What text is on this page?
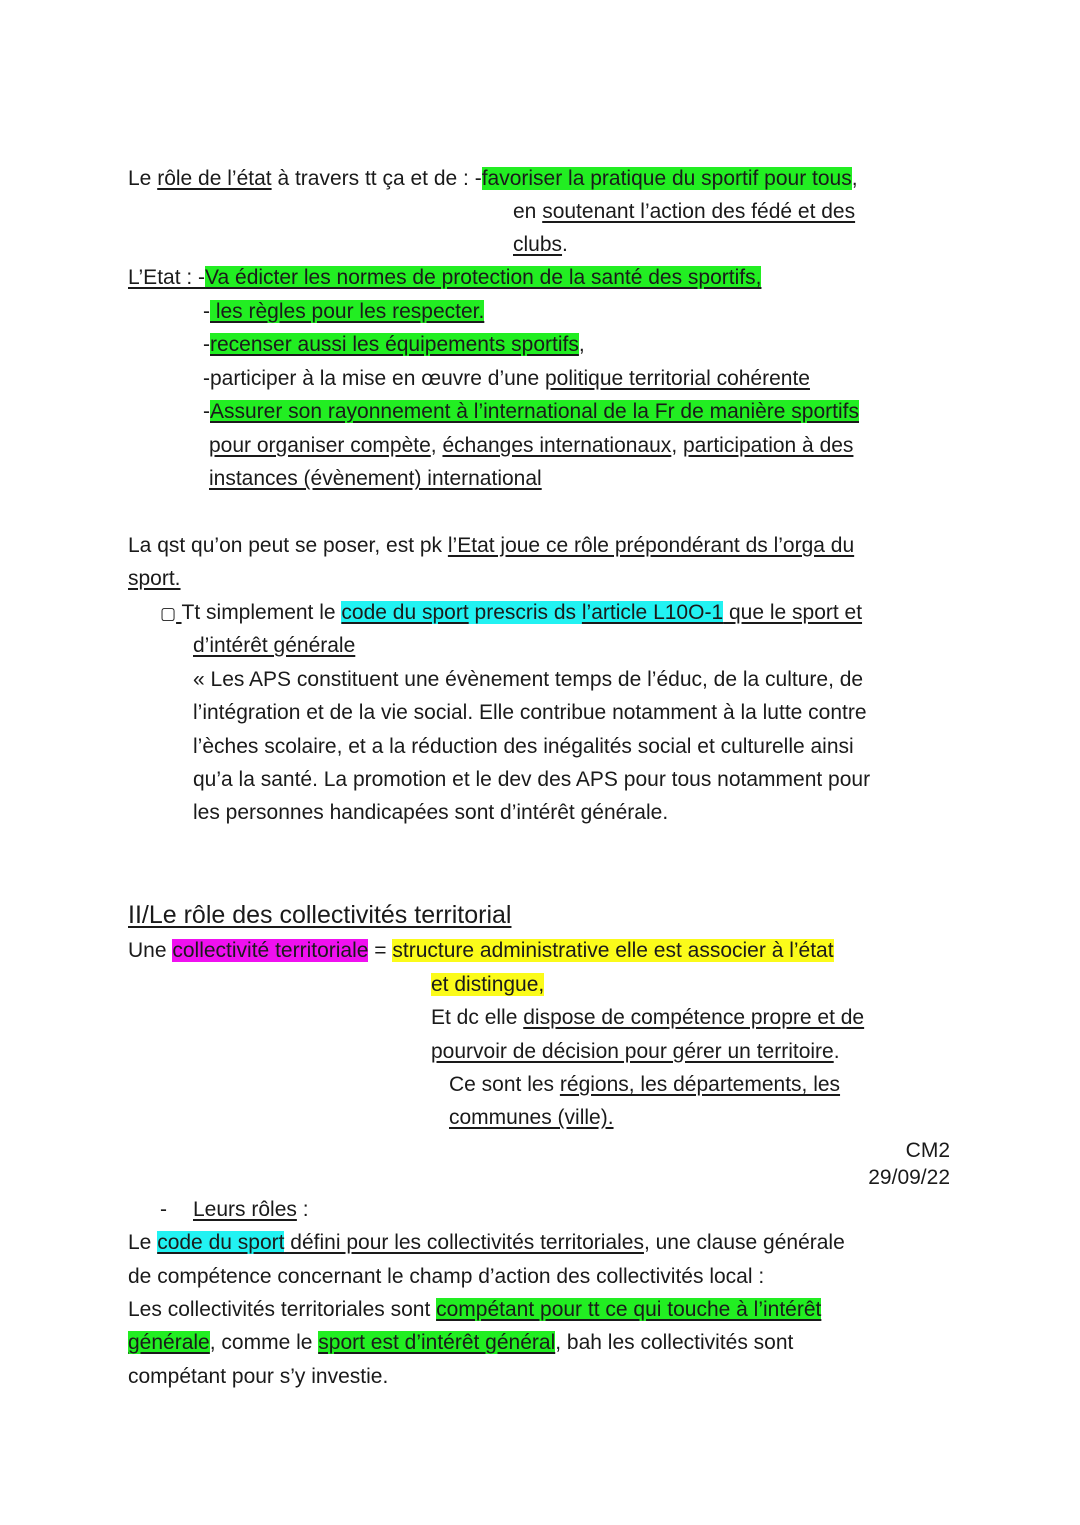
Le rôle de l’état à travers tt ça et de : -favoriser la pratique du sportif pour tous,
en soutenant l’action des fédé et des
clubs.
L’Etat : -Va édicter les normes de protection de la santé des sportifs,
- les règles pour les respecter.
-recenser aussi les équipements sportifs,
-participer à la mise en œuvre d’une politique territorial cohérente
-Assurer son rayonnement à l’international de la Fr de manière sportifs
pour organiser compète, échanges internationaux, participation à des
instances (évènement) international
La qst qu’on peut se poser, est pk l’Etat joue ce rôle prépondérant ds l’orga du
sport.
▢ Tt simplement le code du sport prescris ds l’article L10O-1 que le sport et
d’intérêt générale
« Les APS constituent une évènement temps de l’éduc, de la culture, de
l’intégration et de la vie social. Elle contribue notamment à la lutte contre
l’èches scolaire, et a la réduction des inégalités social et culturelle ainsi
qu’a la santé. La promotion et le dev des APS pour tous notamment pour
les personnes handicapées sont d’intérêt générale.
II/Le rôle des collectivités territorial
Une collectivité territoriale = structure administrative elle est associer à l’état
et distingue,
Et dc elle dispose de compétence propre et de
pourvoir de décision pour gérer un territoire.
Ce sont les régions, les départements, les
communes (ville).
CM2
29/09/22
- Leurs rôles :
Le code du sport défini pour les collectivités territoriales, une clause générale
de compétence concernant le champ d’action des collectivités local :
Les collectivités territoriales sont compétant pour tt ce qui touche à l’intérêt
générale, comme le sport est d’intérêt général, bah les collectivités sont
compétant pour s’y investie.
